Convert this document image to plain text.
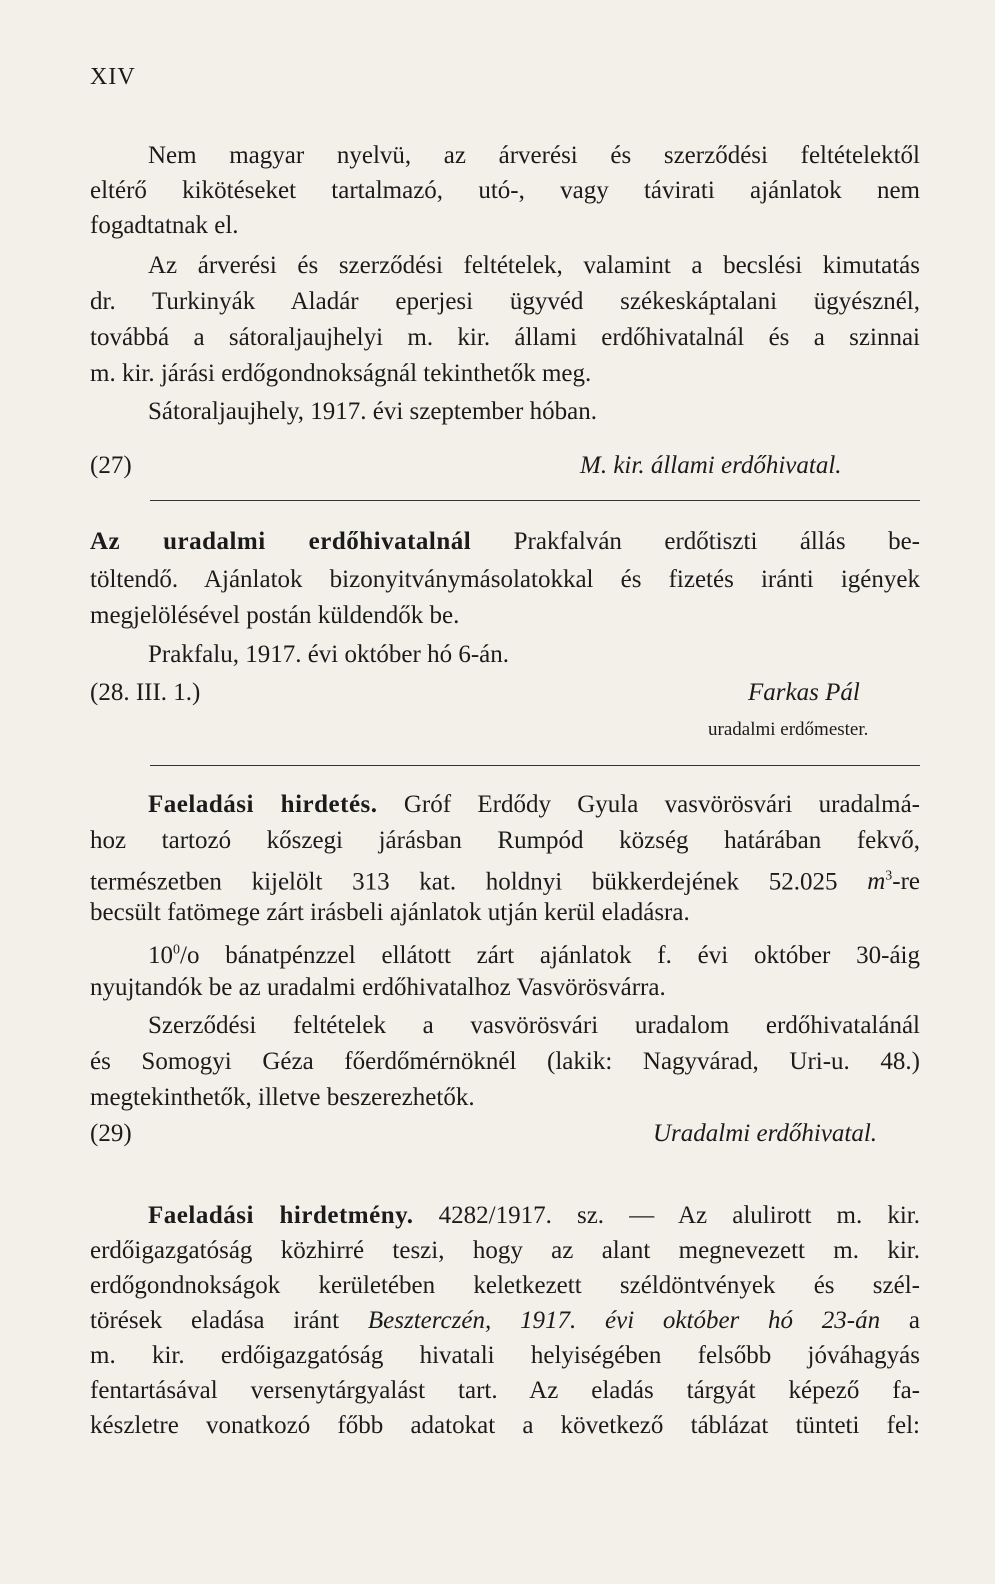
XIV
Nem magyar nyelvü, az árverési és szerződési feltételektől
eltérő kikötéseket tartalmazó, utó-, vagy távirati ajánlatok nem
fogadtatnak el.
Az árverési és szerződési feltételek, valamint a becslési kimutatás
dr. Turkinyák Aladár eperjesi ügyvéd székeskáptalani ügyésznél,
továbbá a sátoraljaujhelyi m. kir. állami erdőhivatalnál és a szinnai
m. kir. járási erdőgondnokságnál tekinthetők meg.
Sátoraljaujhely, 1917. évi szeptember hóban.
(27)	M. kir. állami erdőhivatal.
Az uradalmi erdőhivatalnál Prakfalván erdőtiszti állás be-
töltendő. Ajánlatok bizonyitványmásolatokkal és fizetés iránti igények
megjelölésével postán küldendők be.
Prakfalu, 1917. évi október hó 6-án.
(28. III. 1.)	Farkas Pál
uradalmi erdőmester.
Faeladási hirdetés. Gróf Erdődy Gyula vasvörösvári uradalmá-
hoz tartozó kőszegi járásban Rumpód község határában fekvő,
természetben kijelölt 313 kat. holdnyi bükkerdejének 52.025 $m^3-re$
becsült fatömege zárt irásbeli ajánlatok utján kerül eladásra.
$10^0/o$ bánatpénzzel ellátott zárt ajánlatok f. évi október 30-áig
nyujtandók be az uradalmi erdőhivatalhoz Vasvörösvárra.
Szerződési feltételek a vasvörösvári uradalom erdőhivatalánál
és Somogyi Géza főerdőmérnöknél (lakik: Nagyvárad, Uri-u. 48.)
megtekinthetők, illetve beszerezhetők.
(29)	Uradalmi erdőhivatal.
Faeladási hirdetmény. 4282/1917. sz. — Az alulirott m. kir.
erdőigazgatóság közhirré teszi, hogy az alant megnevezett m. kir.
erdőgondnokságok kerületében keletkezett széldöntvények és szél-
törések eladása iránt Beszterczén, 1917. évi október hó 23-án a
m. kir. erdőigazgatóság hivatali helyiségében felsőbb jóváhagyás
fentartásával versenytárgyalást tart. Az eladás tárgyát képező fa-
készletre vonatkozó főbb adatokat a következő táblázat tünteti fel:
